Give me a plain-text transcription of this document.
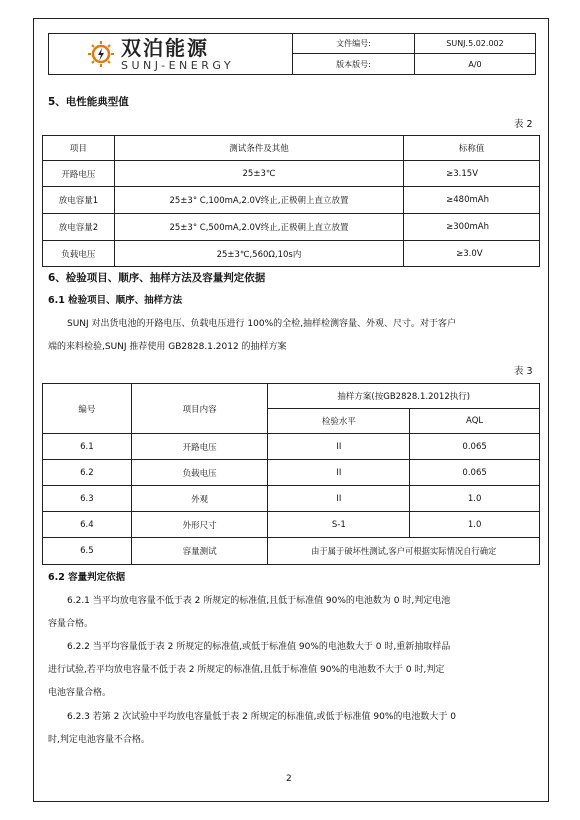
双泊能源
SUNJ-ENERGY
文件编号:	SUNJ.5.02.002
版本版号:	A/0
5、电性能典型值
表 2
项目	测试条件及其他	标称值
开路电压	25±3℃	≥3.15V
放电容量1	25±3° C,100mA,2.0V终止,正极朝上直立放置	≥480mAh
放电容量2	25±3° C,500mA,2.0V终止,正极朝上直立放置	≥300mAh
负载电压	25±3℃,560Ω,10s内	≥3.0V
6、检验项目、顺序、抽样方法及容量判定依据
6.1 检验项目、顺序、抽样方法
SUNJ 对出货电池的开路电压、负载电压进行 100%的全检,抽样检测容量、外观、尺寸。对于客户
端的来料检验,SUNJ 推荐使用 GB2828.1.2012 的抽样方案
表 3
编号	项目内容	抽样方案(按GB2828.1.2012执行)	
		检验水平	AQL
6.1	开路电压	II	0.065
6.2	负载电压	II	0.065
6.3	外观	II	1.0
6.4	外形尺寸	S-1	1.0
6.5	容量测试	由于属于破坏性测试,客户可根据实际情况自行确定	
6.2 容量判定依据
6.2.1 当平均放电容量不低于表 2 所规定的标准值,且低于标准值 90%的电池数为 0 时,判定电池
容量合格。
6.2.2 当平均容量低于表 2 所规定的标准值,或低于标准值 90%的电池数大于 0 时,重新抽取样品
进行试验,若平均放电容量不低于表 2 所规定的标准值,且低于标准值 90%的电池数不大于 0 时,判定
电池容量合格。
6.2.3 若第 2 次试验中平均放电容量低于表 2 所规定的标准值,或低于标准值 90%的电池数大于 0
时,判定电池容量不合格。
2
